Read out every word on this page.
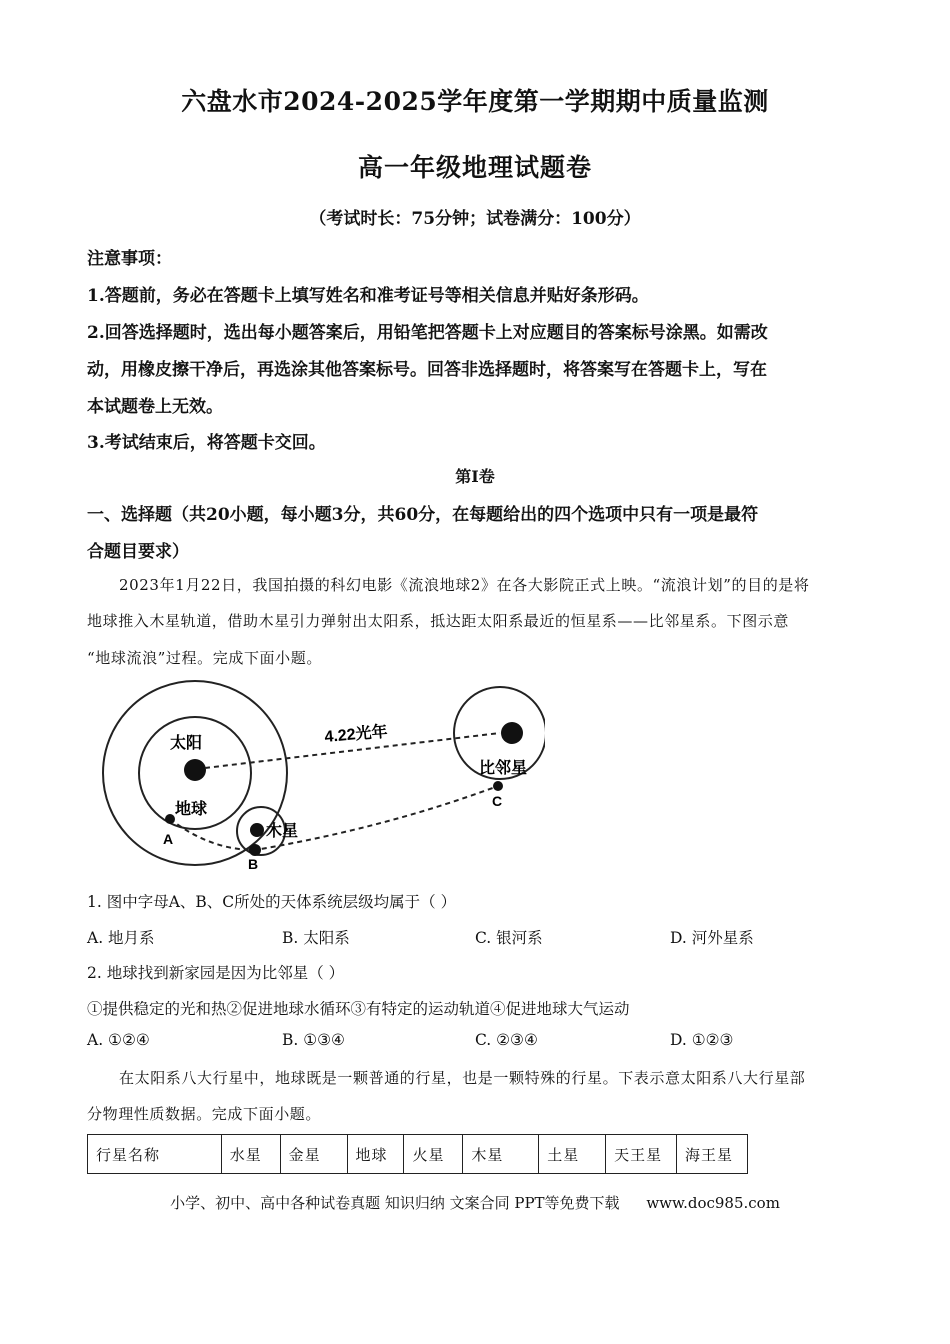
六盘水市2024-2025学年度第一学期期中质量监测
高一年级地理试题卷
（考试时长：75分钟；试卷满分：100分）
注意事项：
1.答题前，务必在答题卡上填写姓名和准考证号等相关信息并贴好条形码。
2.回答选择题时，选出每小题答案后，用铅笔把答题卡上对应题目的答案标号涂黑。如需改
动，用橡皮擦干净后，再选涂其他答案标号。回答非选择题时，将答案写在答题卡上，写在
本试题卷上无效。
3.考试结束后，将答题卡交回。
第I卷
一、选择题（共20小题，每小题3分，共60分，在每题给出的四个选项中只有一项是最符
合题目要求）
2023年1月22日，我国拍摄的科幻电影《流浪地球2》在各大影院正式上映。“流浪计划”的目的是将
地球推入木星轨道，借助木星引力弹射出太阳系，抵达距太阳系最近的恒星系——比邻星系。下图示意
“地球流浪”过程。完成下面小题。
太阳
地球
木星
比邻星
4.22光年
A
B
C
1. 图中字母A、B、C所处的天体系统层级均属于（ ）
A. 地月系	B. 太阳系	C. 银河系	D. 河外星系
2. 地球找到新家园是因为比邻星（ ）
①提供稳定的光和热②促进地球水循环③有特定的运动轨道④促进地球大气运动
A. ①②④	B. ①③④	C. ②③④	D. ①②③
在太阳系八大行星中，地球既是一颗普通的行星，也是一颗特殊的行星。下表示意太阳系八大行星部
分物理性质数据。完成下面小题。
行星名称	水星	金星	地球	火星	木星	土星	天王星	海王星
小学、初中、高中各种试卷真题 知识归纳 文案合同 PPT等免费下载 www.doc985.com
